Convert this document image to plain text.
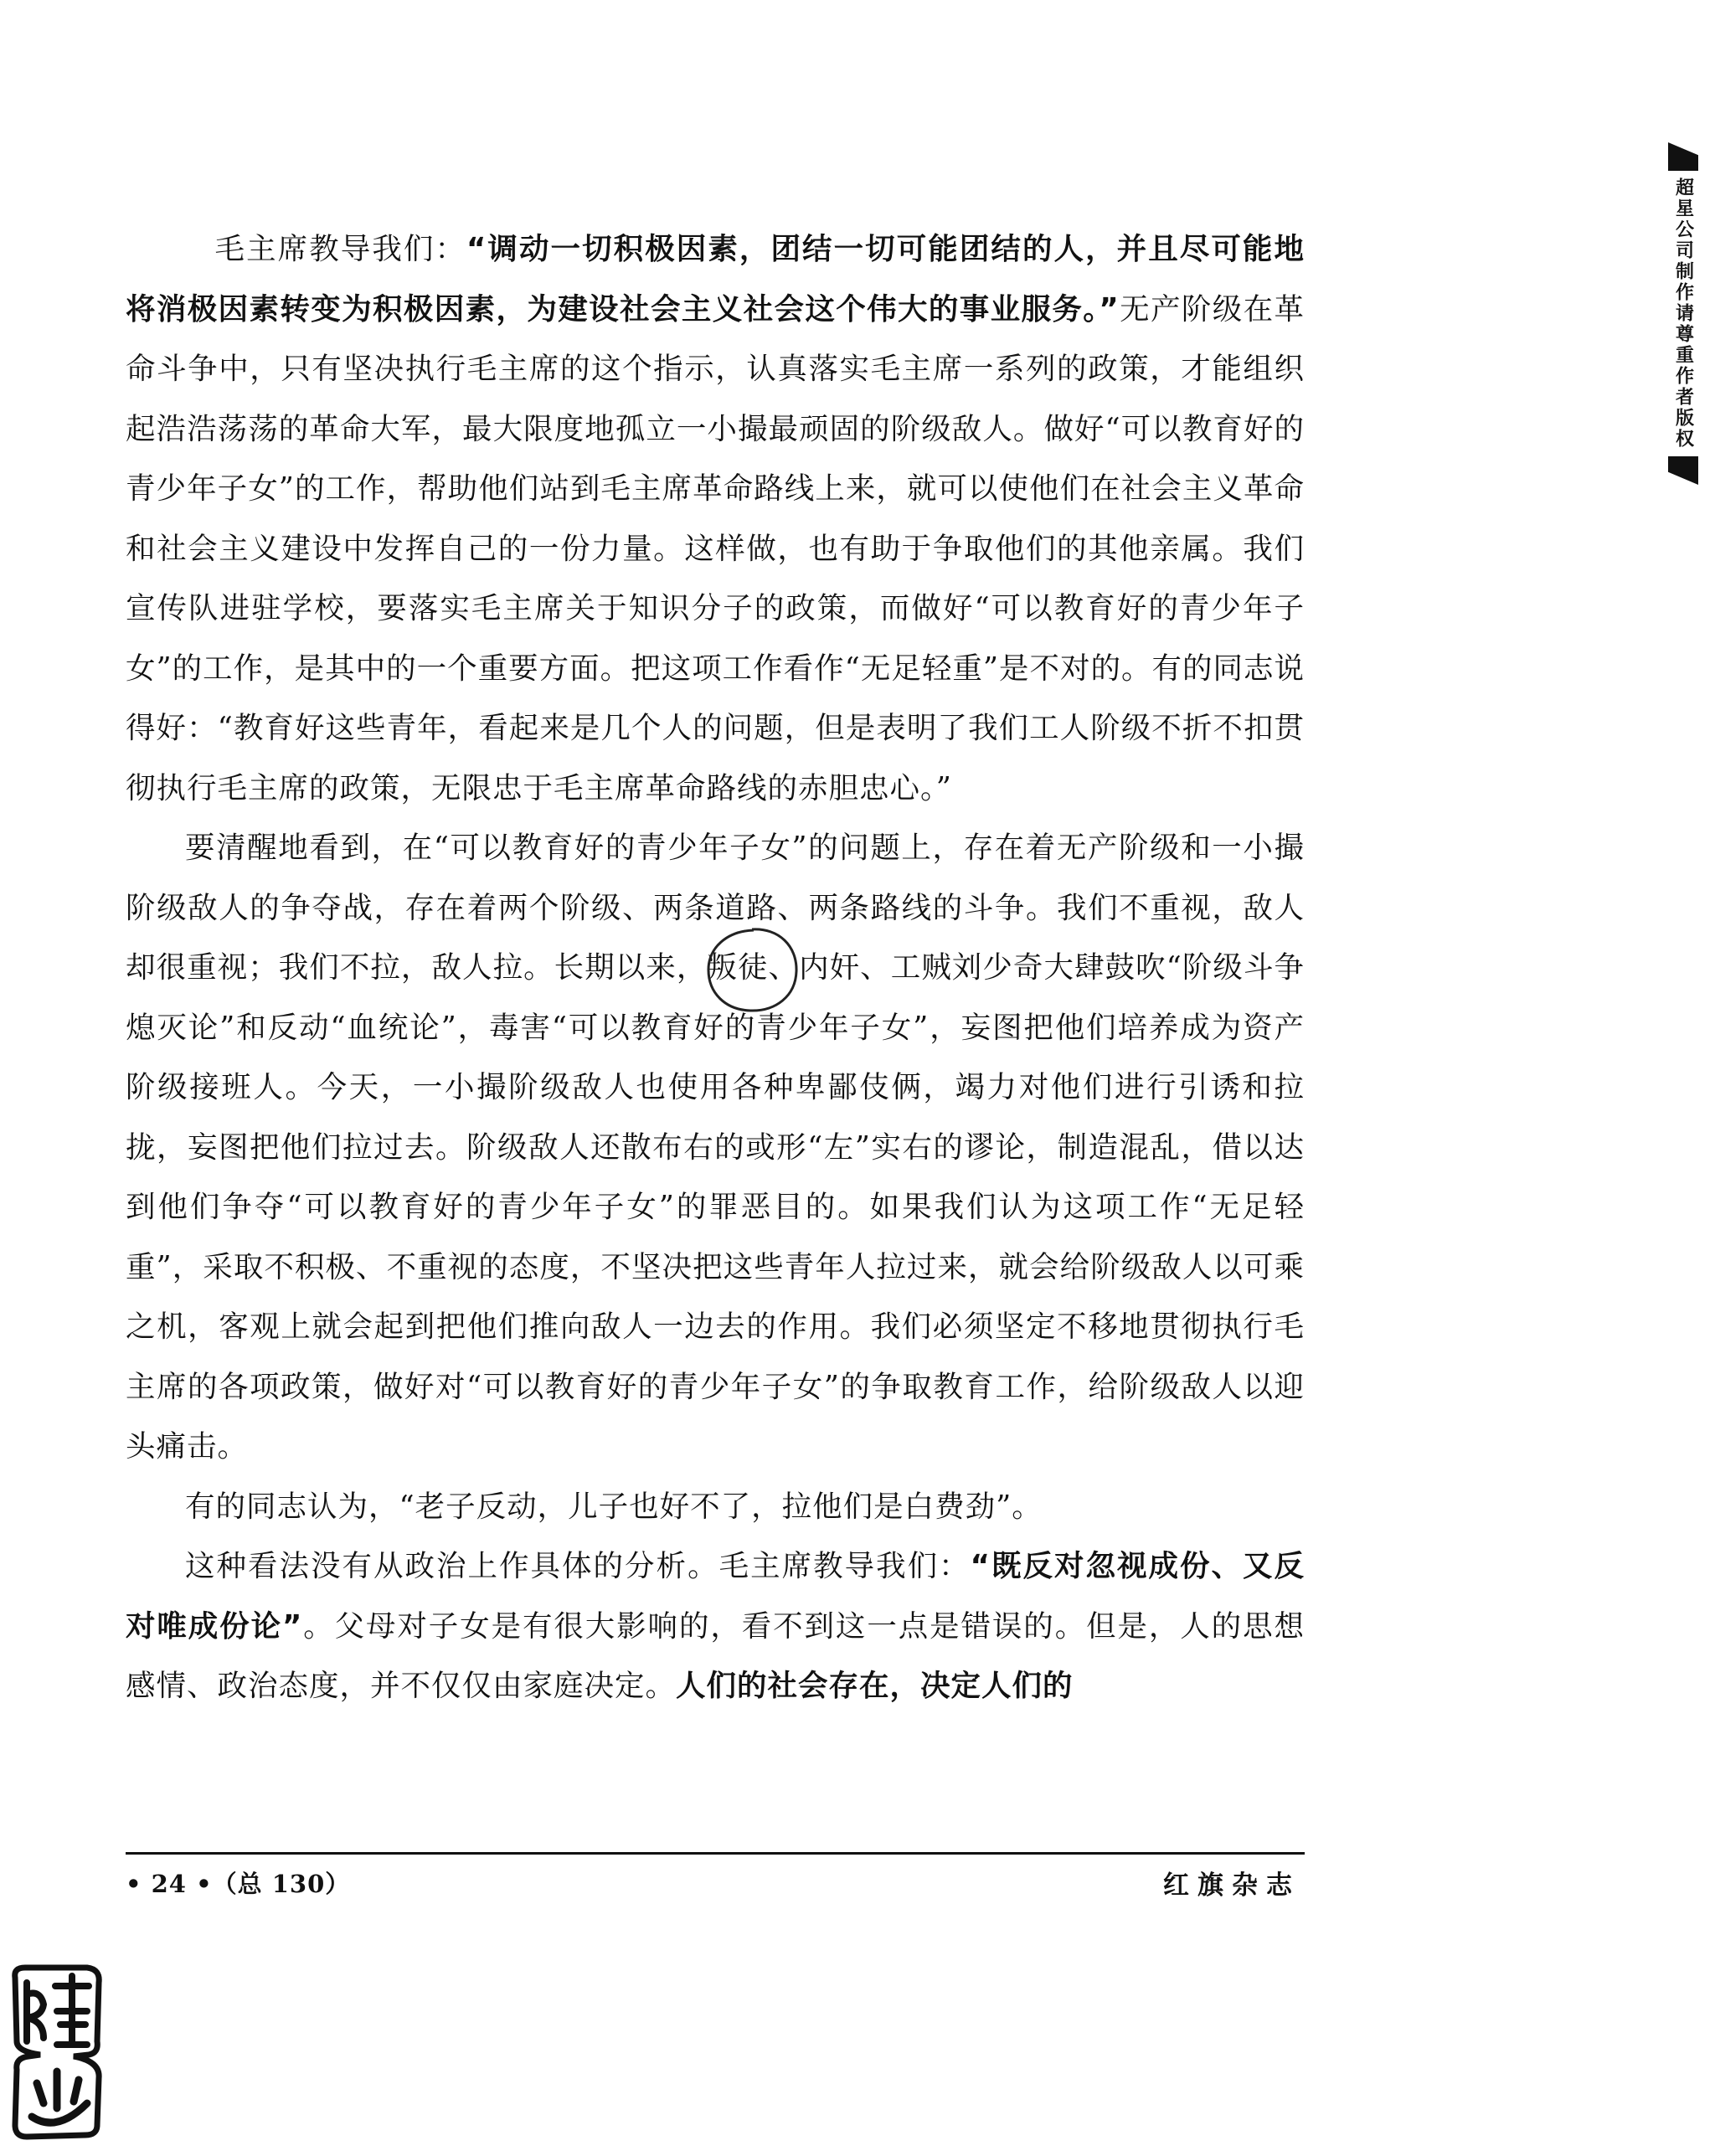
毛主席教导我们：“调动一切积极因素，团结一切可能团结的人，并且尽可能地将消极因素转变为积极因素，为建设社会主义社会这个伟大的事业服务。”无产阶级在革命斗争中，只有坚决执行毛主席的这个指示，认真落实毛主席一系列的政策，才能组织起浩浩荡荡的革命大军，最大限度地孤立一小撮最顽固的阶级敌人。做好“可以教育好的青少年子女”的工作，帮助他们站到毛主席革命路线上来，就可以使他们在社会主义革命和社会主义建设中发挥自己的一份力量。这样做，也有助于争取他们的其他亲属。我们宣传队进驻学校，要落实毛主席关于知识分子的政策，而做好“可以教育好的青少年子女”的工作，是其中的一个重要方面。把这项工作看作“无足轻重”是不对的。有的同志说得好：“教育好这些青年，看起来是几个人的问题，但是表明了我们工人阶级不折不扣贯彻执行毛主席的政策，无限忠于毛主席革命路线的赤胆忠心。”

要清醒地看到，在“可以教育好的青少年子女”的问题上，存在着无产阶级和一小撮阶级敌人的争夺战，存在着两个阶级、两条道路、两条路线的斗争。我们不重视，敌人却很重视；我们不拉，敌人拉。长期以来，叛徒、内奸、工贼刘少奇大肆鼓吹“阶级斗争熄灭论”和反动“血统论”，毒害“可以教育好的青少年子女”，妄图把他们培养成为资产阶级接班人。今天，一小撮阶级敌人也使用各种卑鄙伎俩，竭力对他们进行引诱和拉拢，妄图把他们拉过去。阶级敌人还散布右的或形“左”实右的谬论，制造混乱，借以达到他们争夺“可以教育好的青少年子女”的罪恶目的。如果我们认为这项工作“无足轻重”，采取不积极、不重视的态度，不坚决把这些青年人拉过来，就会给阶级敌人以可乘之机，客观上就会起到把他们推向敌人一边去的作用。我们必须坚定不移地贯彻执行毛主席的各项政策，做好对“可以教育好的青少年子女”的争取教育工作，给阶级敌人以迎头痛击。

有的同志认为，“老子反动，儿子也好不了，拉他们是白费劲”。

这种看法没有从政治上作具体的分析。毛主席教导我们：“既反对忽视成份、又反对唯成份论”。父母对子女是有很大影响的，看不到这一点是错误的。但是，人的思想感情、政治态度，并不仅仅由家庭决定。人们的社会存在，决定人们的

• 24 •（总 130）	红旗杂志
超星公司制作请尊重作者版权
